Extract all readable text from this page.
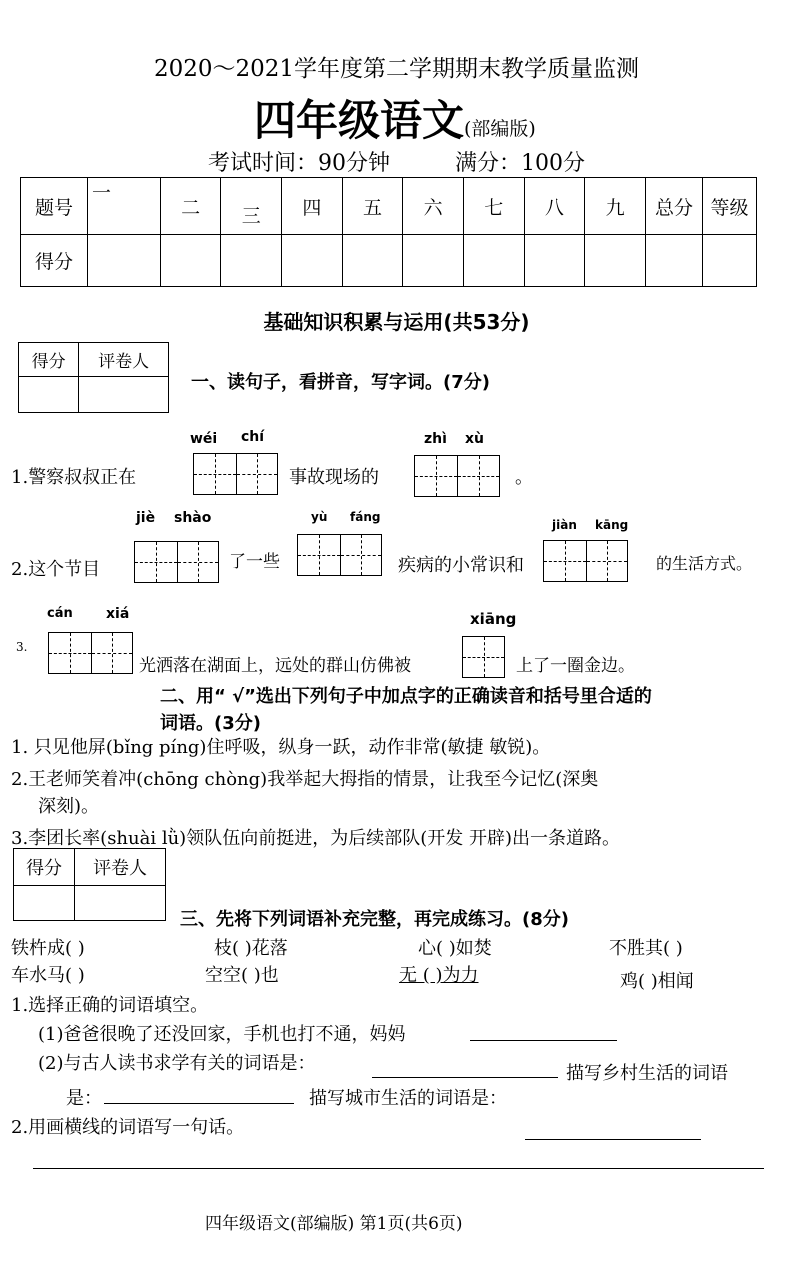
2020～2021学年度第二学期期末教学质量监测
四年级语文(部编版)
考试时间：90分钟	满分：100分
题号	一	二	三	四	五	六	七	八	九	总分	等级
得分											
基础知识积累与运用(共53分)
得分	评卷人

一、读句子，看拼音，写字词。(7分)
wéi chí	zhì xù
1.警察叔叔正在	事故现场的	。
jiè shào	yù fáng
jiàn kāng
2.这个节目	了一些	疾病的小常识和	的生活方式。
cán xiá	xiāng
3.
光洒落在湖面上，远处的群山仿佛被	上了一圈金边。
二、用“ √”选出下列句子中加点字的正确读音和括号里合适的
词语。(3分)
1. 只见他屏(bǐng píng)住呼吸，纵身一跃，动作非常(敏捷 敏锐)。
2.王老师笑着冲(chōng chòng)我举起大拇指的情景，让我至今记忆(深奥
深刻)。
3.李团长率(shuài lǜ)领队伍向前挺进，为后续部队(开发 开辟)出一条道路。
得分	评卷人

三、先将下列词语补充完整，再完成练习。(8分)
铁杵成( )	枝( )花落	心( )如焚	不胜其( )
车水马( )	空空( )也	无 ( )为力	鸡( )相闻
1.选择正确的词语填空。
(1)爸爸很晚了还没回家，手机也打不通，妈妈
(2)与古人读书求学有关的词语是：	描写乡村生活的词语
是：	描写城市生活的词语是：
2.用画横线的词语写一句话。
四年级语文(部编版) 第1页(共6页)
